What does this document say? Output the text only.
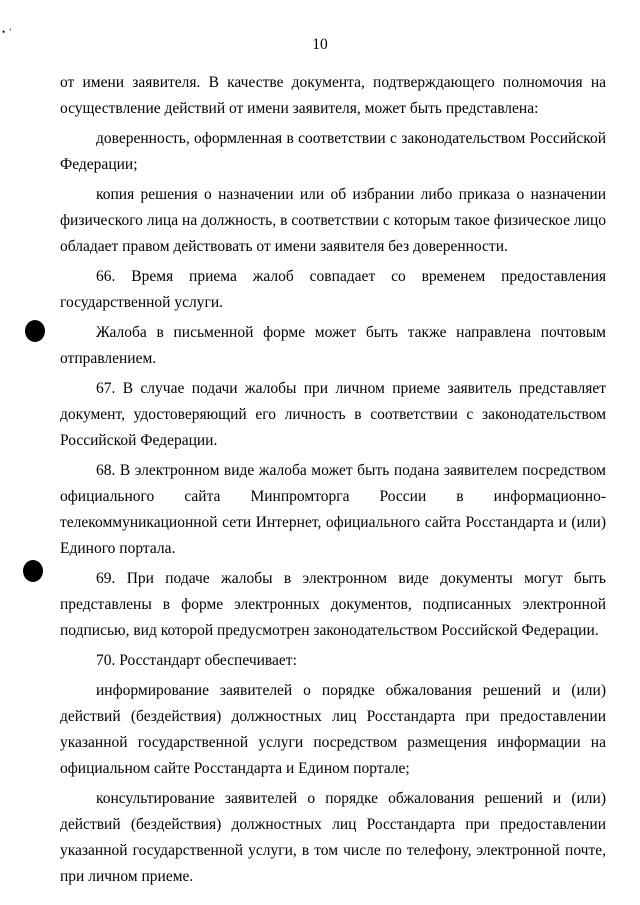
• '
10

от имени заявителя. В качестве документа, подтверждающего полномочия на осуществление действий от имени заявителя, может быть представлена:

доверенность, оформленная в соответствии с законодательством Российской Федерации;

копия решения о назначении или об избрании либо приказа о назначении физического лица на должность, в соответствии с которым такое физическое лицо обладает правом действовать от имени заявителя без доверенности.

66. Время приема жалоб совпадает со временем предоставления государственной услуги.

Жалоба в письменной форме может быть также направлена почтовым отправлением.

67. В случае подачи жалобы при личном приеме заявитель представляет документ, удостоверяющий его личность в соответствии с законодательством Российской Федерации.

68. В электронном виде жалоба может быть подана заявителем посредством официального сайта Минпромторга России в информационно-телекоммуникационной сети Интернет, официального сайта Росстандарта и (или) Единого портала.

69. При подаче жалобы в электронном виде документы могут быть представлены в форме электронных документов, подписанных электронной подписью, вид которой предусмотрен законодательством Российской Федерации.

70. Росстандарт обеспечивает:

информирование заявителей о порядке обжалования решений и (или) действий (бездействия) должностных лиц Росстандарта при предоставлении указанной государственной услуги посредством размещения информации на официальном сайте Росстандарта и Едином портале;

консультирование заявителей о порядке обжалования решений и (или) действий (бездействия) должностных лиц Росстандарта при предоставлении указанной государственной услуги, в том числе по телефону, электронной почте, при личном приеме.
